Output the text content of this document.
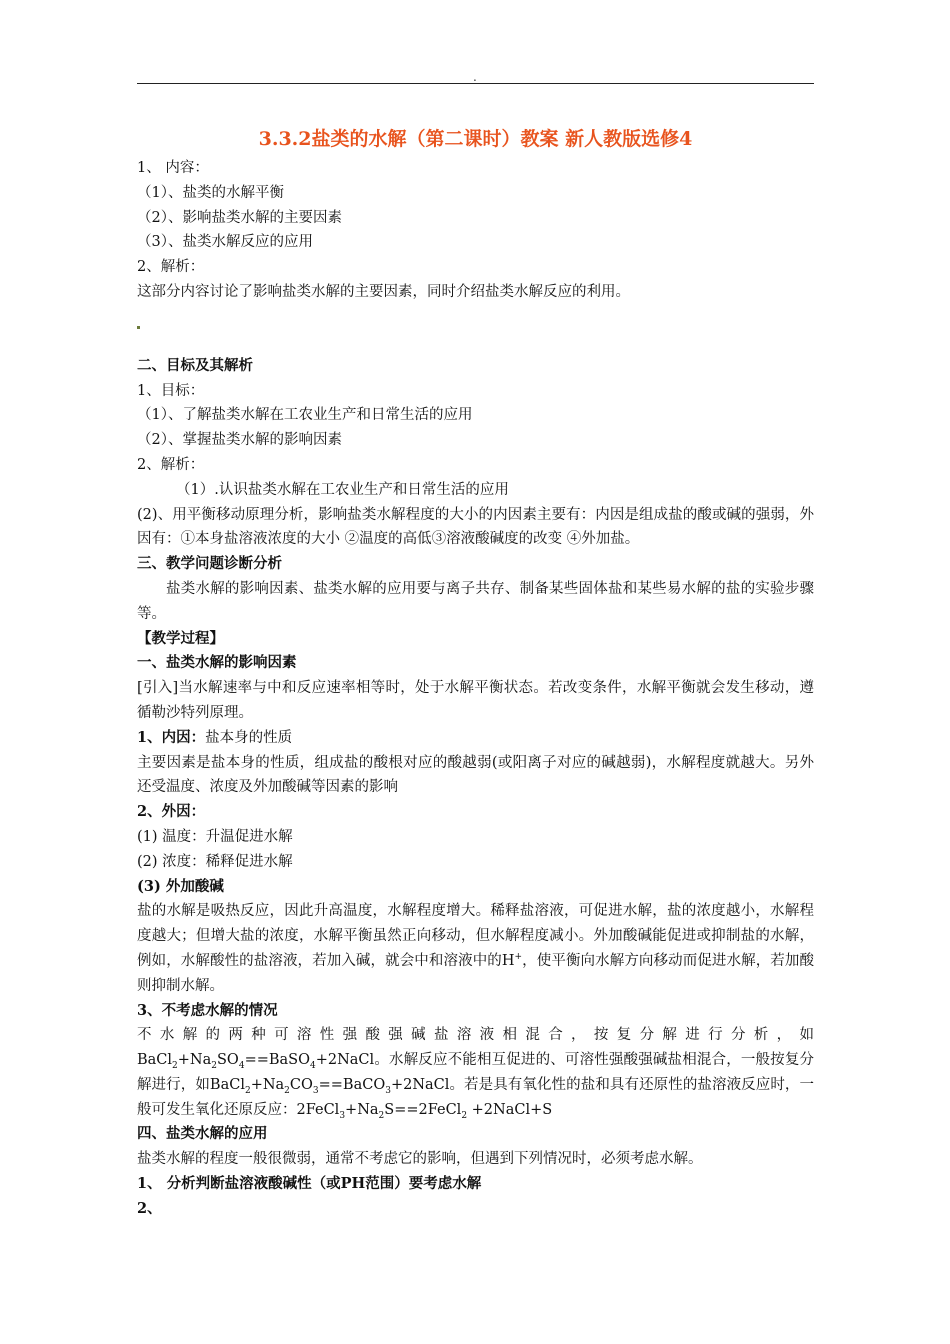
.

3.3.2盐类的水解（第二课时）教案 新人教版选修4

1、 内容：

（1）、盐类的水解平衡

（2）、影响盐类水解的主要因素

（3）、盐类水解反应的应用

2、解析：

这部分内容讨论了影响盐类水解的主要因素，同时介绍盐类水解反应的利用。

二、目标及其解析

1、目标：

（1）、了解盐类水解在工农业生产和日常生活的应用

（2）、掌握盐类水解的影响因素

2、解析：

（1）.认识盐类水解在工农业生产和日常生活的应用

(2)、用平衡移动原理分析，影响盐类水解程度的大小的内因素主要有：内因是组成盐的酸或碱的强弱，外因有：①本身盐溶液浓度的大小 ②温度的高低③溶液酸碱度的改变 ④外加盐。

三、教学问题诊断分析

盐类水解的影响因素、盐类水解的应用要与离子共存、制备某些固体盐和某些易水解的盐的实验步骤等。

【教学过程】

一、盐类水解的影响因素

[引入]当水解速率与中和反应速率相等时，处于水解平衡状态。若改变条件，水解平衡就会发生移动，遵循勒沙特列原理。

1、内因：盐本身的性质

主要因素是盐本身的性质，组成盐的酸根对应的酸越弱(或阳离子对应的碱越弱)，水解程度就越大。另外还受温度、浓度及外加酸碱等因素的影响

2、外因：

(1) 温度：升温促进水解

(2) 浓度：稀释促进水解

(3) 外加酸碱

盐的水解是吸热反应，因此升高温度，水解程度增大。稀释盐溶液，可促进水解，盐的浓度越小，水解程度越大；但增大盐的浓度，水解平衡虽然正向移动，但水解程度减小。外加酸碱能促进或抑制盐的水解，例如，水解酸性的盐溶液，若加入碱，就会中和溶液中的H+，使平衡向水解方向移动而促进水解，若加酸则抑制水解。

3、不考虑水解的情况

不水解的两种可溶性强酸强碱盐溶液相混合，按复分解进行分析，如 $BaCl_2+Na_2SO_4==BaSO_4+2NaCl$。水解反应不能相互促进的、可溶性强酸强碱盐相混合，一般按复分解进行，如$BaCl_2+Na_2CO_3==BaCO_3+2NaCl$。若是具有氧化性的盐和具有还原性的盐溶液反应时，一般可发生氧化还原反应：$2FeCl_3+Na_2S==2FeCl_2$ +2NaCl+S

四、盐类水解的应用

盐类水解的程度一般很微弱，通常不考虑它的影响，但遇到下列情况时，必须考虑水解。

1、 分析判断盐溶液酸碱性（或PH范围）要考虑水解

2、
